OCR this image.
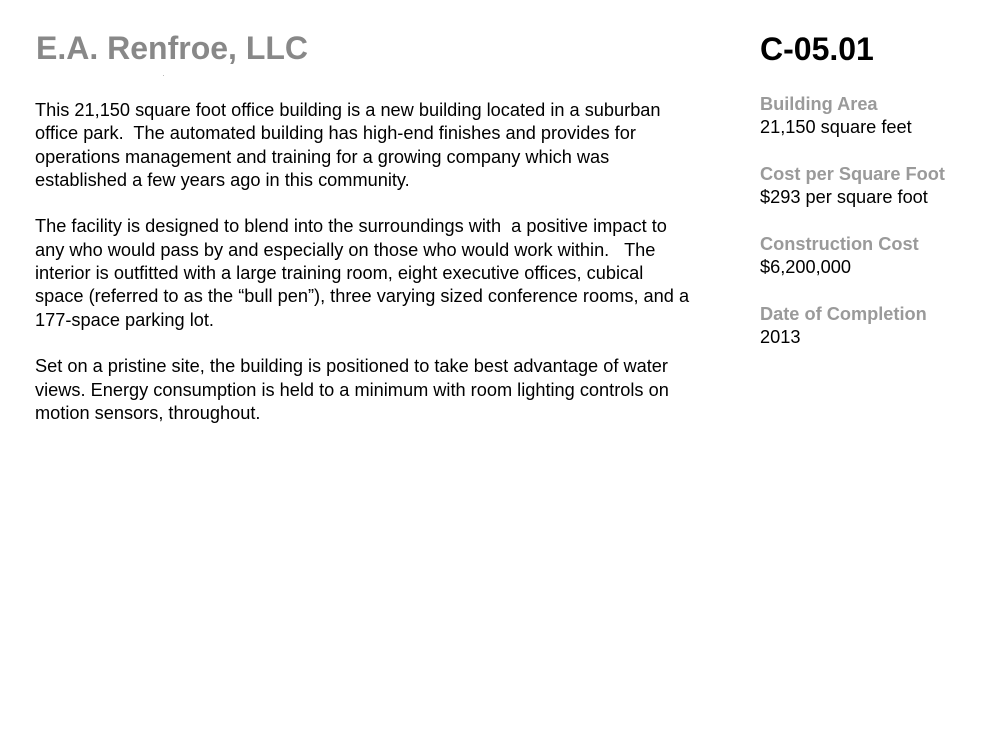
E.A. Renfroe, LLC

This 21,150 square foot office building is a new building located in a suburban office park.  The automated building has high-end finishes and provides for operations management and training for a growing company which was established a few years ago in this community.

The facility is designed to blend into the surroundings with  a positive impact to any who would pass by and especially on those who would work within.   The interior is outfitted with a large training room, eight executive offices, cubical space (referred to as the “bull pen”), three varying sized conference rooms, and a 177-space parking lot.

Set on a pristine site, the building is positioned to take best advantage of water views. Energy consumption is held to a minimum with room lighting controls on motion sensors, throughout.

C-05.01
Building Area
21,150 square feet
Cost per Square Foot
$293 per square foot
Construction Cost
$6,200,000
Date of Completion
2013
